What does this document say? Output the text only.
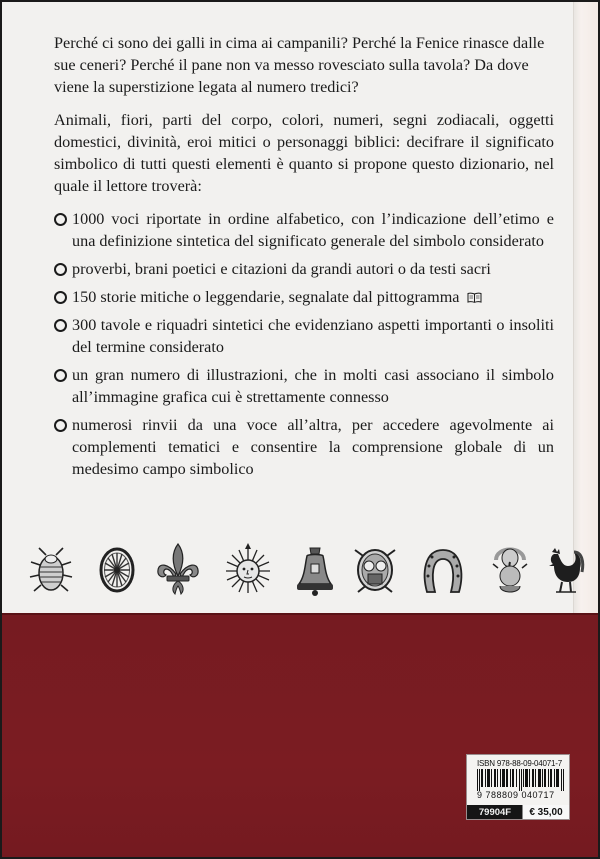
Perché ci sono dei galli in cima ai campanili? Perché la Fenice rinasce dalle sue ceneri? Perché il pane non va messo rovesciato sulla tavola? Da dove viene la superstizione legata al numero tredici?

Animali, fiori, parti del corpo, colori, numeri, segni zodiacali, oggetti domestici, divinità, eroi mitici o personaggi biblici: decifrare il significato simbolico di tutti questi elementi è quanto si propone questo dizionario, nel quale il lettore troverà:

1000 voci riportate in ordine alfabetico, con l’indicazione dell’etimo e una definizione sintetica del significato generale del simbolo considerato
proverbi, brani poetici e citazioni da grandi autori o da testi sacri
150 storie mitiche o leggendarie, segnalate dal pittogramma
300 tavole e riquadri sintetici che evidenziano aspetti importanti o insoliti del termine considerato
un gran numero di illustrazioni, che in molti casi associano il simbolo all’immagine grafica cui è strettamente connesso
numerosi rinvii da una voce all’altra, per accedere agevolmente ai complementi tematici e consentire la comprensione globale di un medesimo campo simbolico
ISBN 978-88-09-04071-7
9 788809 040717
79904F	€ 35,00
